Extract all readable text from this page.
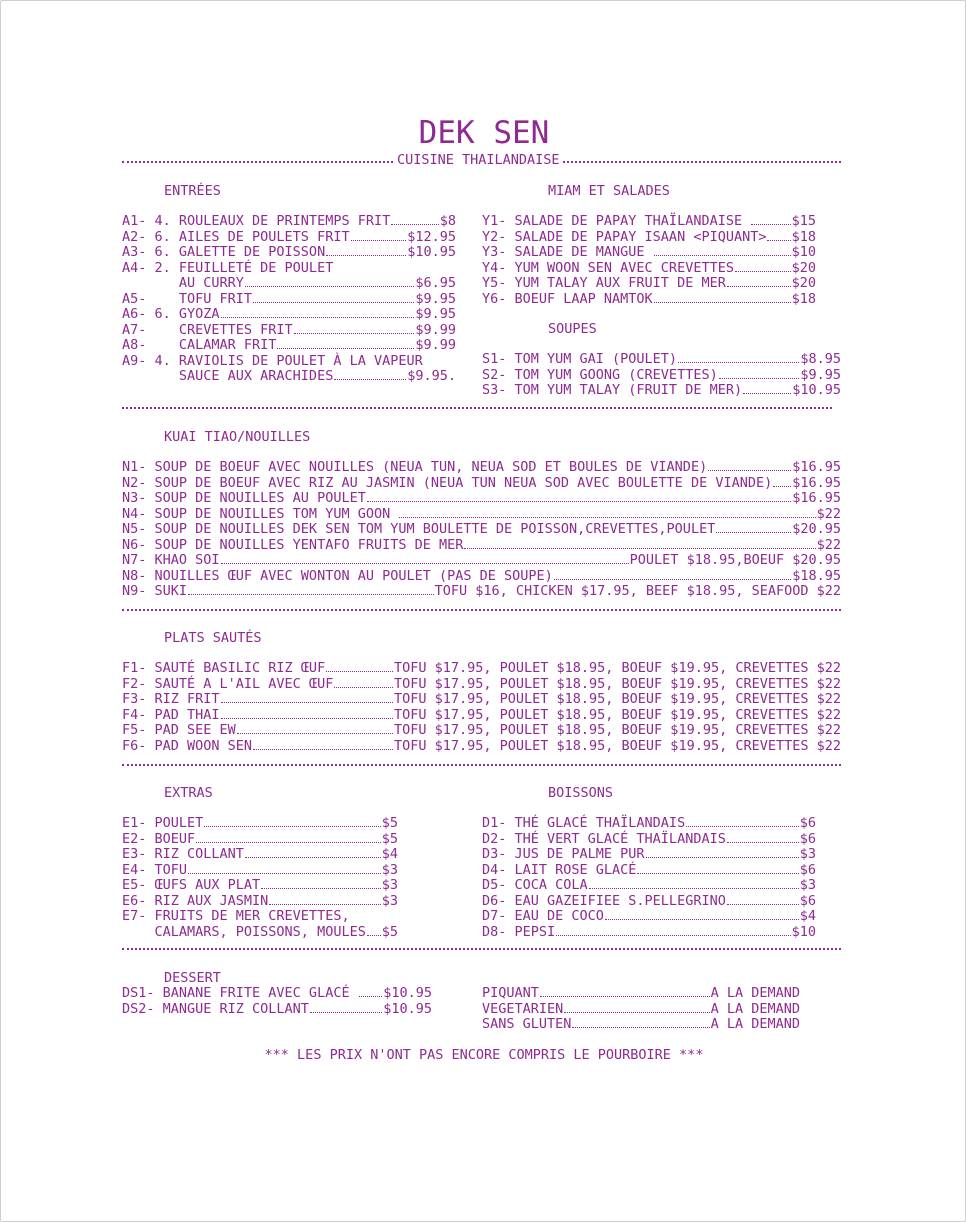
DEK SEN
CUISINE THAILANDAISE
ENTRÉES
A1- 4. ROULEAUX DE PRINTEMPS FRIT	$8
A2- 6. AILES DE POULETS FRIT	$12.95
A3- 6. GALETTE DE POISSON	$10.95
A4- 2. FEUILLETÉ DE POULET
AU CURRY	$6.95
A5-    TOFU FRIT	$9.95
A6- 6. GYOZA	$9.95
A7-    CREVETTES FRIT	$9.99
A8-    CALAMAR FRIT	$9.99
A9- 4. RAVIOLIS DE POULET À LA VAPEUR
SAUCE AUX ARACHIDES	$9.95.
MIAM ET SALADES
Y1- SALADE DE PAPAY THAÏLANDAISE	$15
Y2- SALADE DE PAPAY ISAAN <PIQUANT> $18
Y3- SALADE DE MANGUE	$10
Y4- YUM WOON SEN AVEC CREVETTES	$20
Y5- YUM TALAY AUX FRUIT DE MER	$20
Y6- BOEUF LAAP NAMTOK	$18
SOUPES
S1- TOM YUM GAI (POULET)	$8.95
S2- TOM YUM GOONG (CREVETTES)	$9.95
S3- TOM YUM TALAY (FRUIT DE MER)	$10.95
KUAI TIAO/NOUILLES
N1- SOUP DE BOEUF AVEC NOUILLES (NEUA TUN, NEUA SOD ET BOULES DE VIANDE)	$16.95
N2- SOUP DE BOEUF AVEC RIZ AU JASMIN (NEUA TUN NEUA SOD AVEC BOULETTE DE VIANDE) $16.95
N3- SOUP DE NOUILLES AU POULET	$16.95
N4- SOUP DE NOUILLES TOM YUM GOON	$22
N5- SOUP DE NOUILLES DEK SEN TOM YUM BOULETTE DE POISSON,CREVETTES,POULET	$20.95
N6- SOUP DE NOUILLES YENTAFO FRUITS DE MER	$22
N7- KHAO SOI	POULET $18.95,BOEUF $20.95
N8- NOUILLES ŒUF AVEC WONTON AU POULET (PAS DE SOUPE)	$18.95
N9- SUKI	TOFU $16, CHICKEN $17.95, BEEF $18.95, SEAFOOD $22
PLATS SAUTÉS
F1- SAUTÉ BASILIC RIZ ŒUF	TOFU $17.95, POULET $18.95, BOEUF $19.95, CREVETTES $22
F2- SAUTÉ A L'AIL AVEC ŒUF	TOFU $17.95, POULET $18.95, BOEUF $19.95, CREVETTES $22
F3- RIZ FRIT	TOFU $17.95, POULET $18.95, BOEUF $19.95, CREVETTES $22
F4- PAD THAI	TOFU $17.95, POULET $18.95, BOEUF $19.95, CREVETTES $22
F5- PAD SEE EW	TOFU $17.95, POULET $18.95, BOEUF $19.95, CREVETTES $22
F6- PAD WOON SEN	TOFU $17.95, POULET $18.95, BOEUF $19.95, CREVETTES $22
EXTRAS
E1- POULET	$5
E2- BOEUF	$5
E3- RIZ COLLANT	$4
E4- TOFU	$3
E5- ŒUFS AUX PLAT	$3
E6- RIZ AUX JASMIN	$3
E7- FRUITS DE MER CREVETTES,
CALAMARS, POISSONS, MOULES $5
BOISSONS
D1- THÉ GLACÉ THAÏLANDAIS	$6
D2- THÉ VERT GLACÉ THAÏLANDAIS	$6
D3- JUS DE PALME PUR	$3
D4- LAIT ROSE GLACÉ	$6
D5- COCA COLA	$3
D6- EAU GAZEIFIEE S.PELLEGRINO	$6
D7- EAU DE COCO	$4
D8- PEPSI	$10
DESSERT
DS1- BANANE FRITE AVEC GLACÉ $10.95
DS2- MANGUE RIZ COLLANT	$10.95
PIQUANT	A LA DEMAND
VEGETARIEN	A LA DEMAND
SANS GLUTEN	A LA DEMAND
*** LES PRIX N'ONT PAS ENCORE COMPRIS LE POURBOIRE ***
